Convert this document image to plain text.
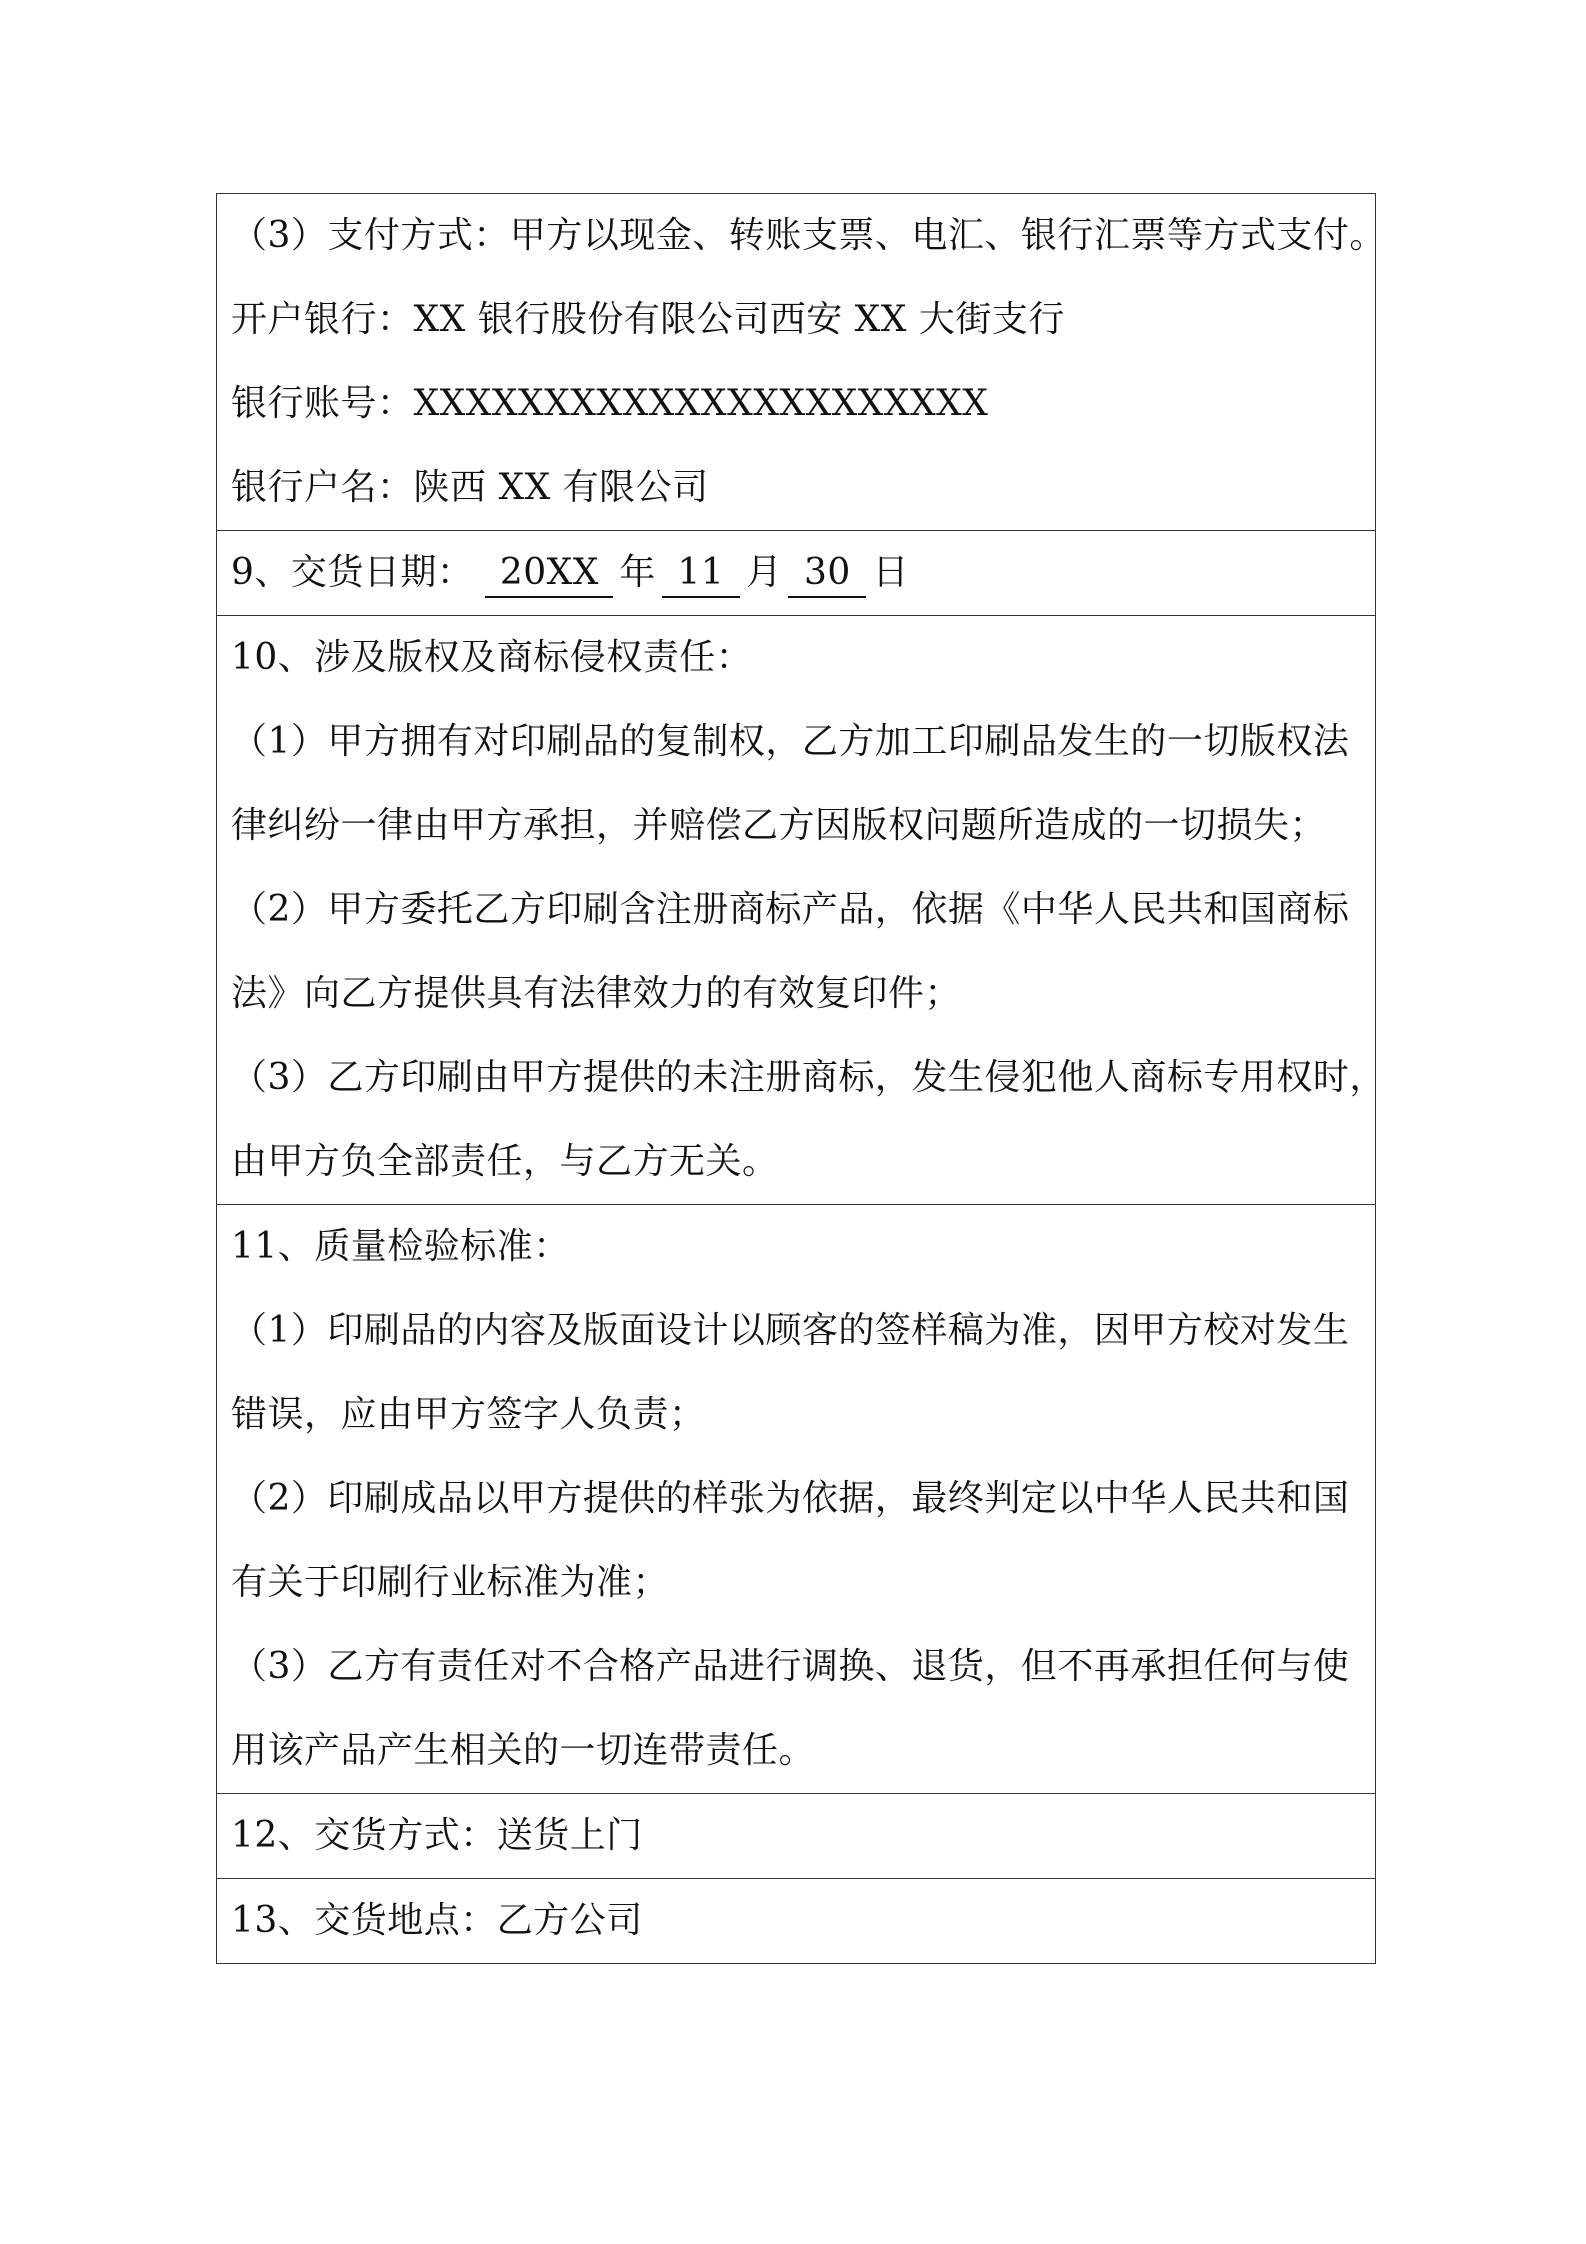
（3）支付方式：甲方以现金、转账支票、电汇、银行汇票等方式支付。
开户银行：XX 银行股份有限公司西安 XX 大街支行
银行账号：XXXXXXXXXXXXXXXXXXXXXX
银行户名：陕西 XX 有限公司

9、交货日期： 20XX 年 11 月 30 日

10、涉及版权及商标侵权责任：
（1）甲方拥有对印刷品的复制权，乙方加工印刷品发生的一切版权法
律纠纷一律由甲方承担，并赔偿乙方因版权问题所造成的一切损失；
（2）甲方委托乙方印刷含注册商标产品，依据《中华人民共和国商标
法》向乙方提供具有法律效力的有效复印件；
（3）乙方印刷由甲方提供的未注册商标，发生侵犯他人商标专用权时，
由甲方负全部责任，与乙方无关。

11、质量检验标准：
（1）印刷品的内容及版面设计以顾客的签样稿为准，因甲方校对发生
错误，应由甲方签字人负责；
（2）印刷成品以甲方提供的样张为依据，最终判定以中华人民共和国
有关于印刷行业标准为准；
（3）乙方有责任对不合格产品进行调换、退货，但不再承担任何与使
用该产品产生相关的一切连带责任。

12、交货方式：送货上门

13、交货地点：乙方公司
